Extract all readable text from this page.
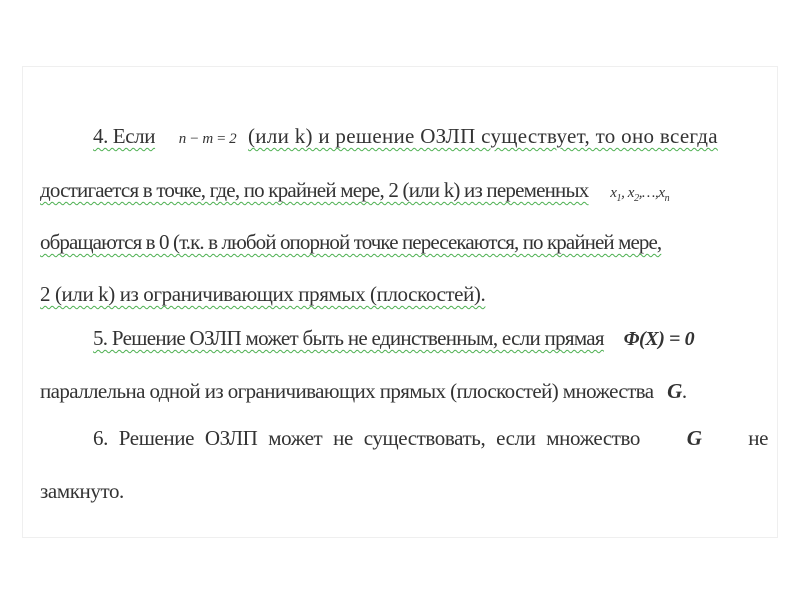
4. Если n − m = 2 (или k) и решение ОЗЛП существует, то оно всегда
достигается в точке, где, по крайней мере, 2 (или k) из переменных $x_1$, $x_2,\dots,x_n$
обращаются в 0 (т.к. в любой опорной точке пересекаются, по крайней мере,
2 (или k) из ограничивающих прямых (плоскостей).
5. Решение ОЗЛП может быть не единственным, если прямая Φ(X) = 0
параллельна одной из ограничивающих прямых (плоскостей) множества G.
6. Решение ОЗЛП может не существовать, если множество G не
замкнуто.
